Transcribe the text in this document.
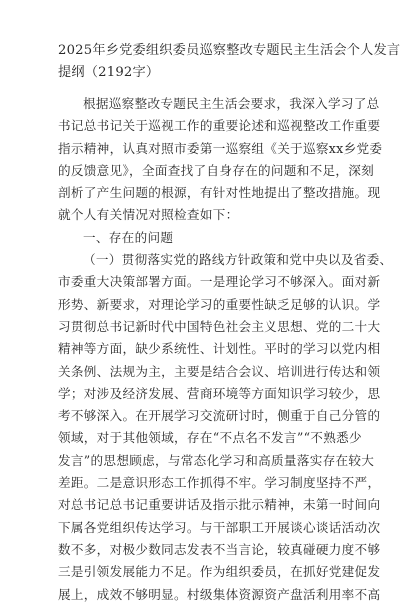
2025年乡党委组织委员巡察整改专题民主生活会个人发言
提纲（2192字）
根据巡察整改专题民主生活会要求，我深入学习了总
书记总书记关于巡视工作的重要论述和巡视整改工作重要
指示精神，认真对照市委第一巡察组《关于巡察xx乡党委
的反馈意见》，全面查找了自身存在的问题和不足，深刻
剖析了产生问题的根源，有针对性地提出了整改措施。现
就个人有关情况对照检查如下：
一、存在的问题
（一）贯彻落实党的路线方针政策和党中央以及省委、
市委重大决策部署方面。一是理论学习不够深入。面对新
形势、新要求，对理论学习的重要性缺乏足够的认识。学
习贯彻总书记新时代中国特色社会主义思想、党的二十大
精神等方面，缺少系统性、计划性。平时的学习以党内相
关条例、法规为主，主要是结合会议、培训进行传达和领
学；对涉及经济发展、营商环境等方面知识学习较少，思
考不够深入。在开展学习交流研讨时，侧重于自己分管的
领域，对于其他领域，存在“不点名不发言”“不熟悉少
发言”的思想顾虑，与常态化学习和高质量落实存在较大
差距。二是意识形态工作抓得不牢。学习制度坚持不严，
对总书记总书记重要讲话及指示批示精神，未第一时间向
下属各党组织传达学习。与干部职工开展谈心谈话活动次
数不多，对极少数同志发表不当言论，较真碰硬力度不够
三是引领发展能力不足。作为组织委员，在抓好党建促发
展上，成效不够明显。村级集体资源资产盘活利用率不高
